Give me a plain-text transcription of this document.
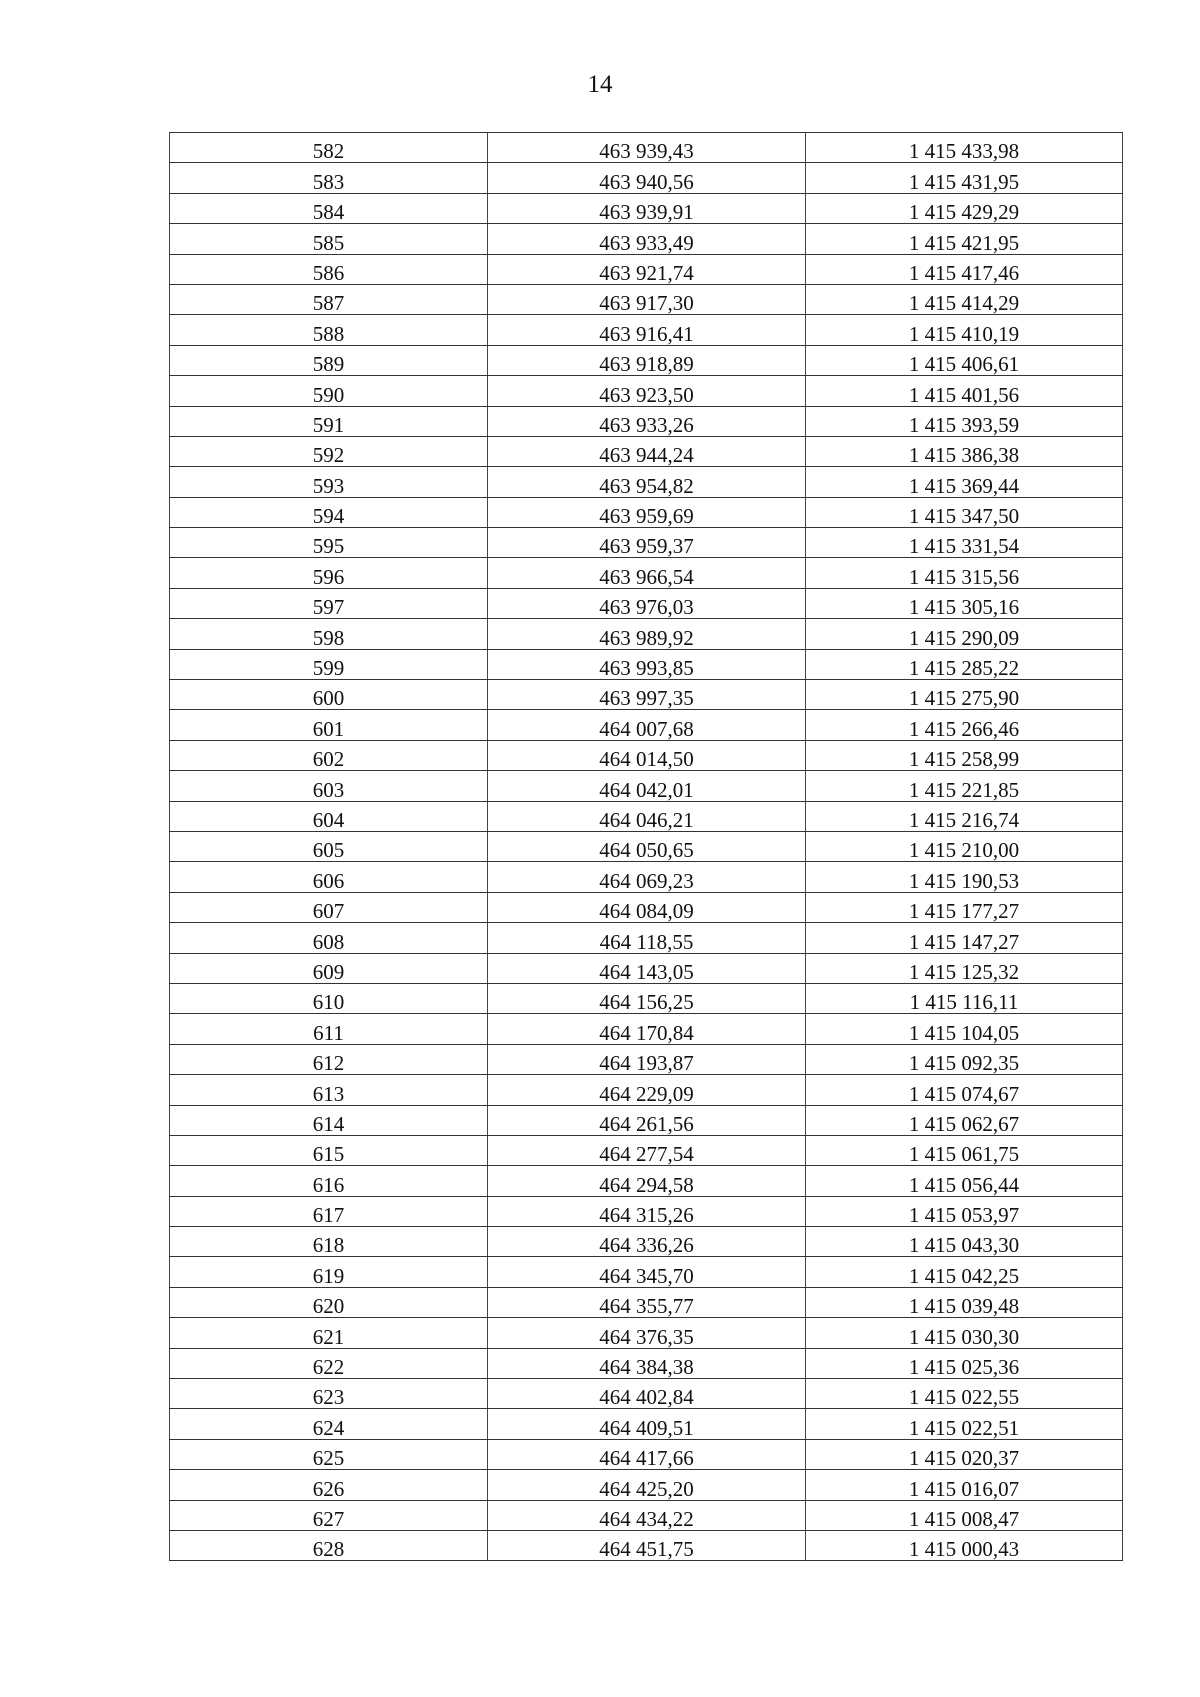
14
582	463 939,43	1 415 433,98
583	463 940,56	1 415 431,95
584	463 939,91	1 415 429,29
585	463 933,49	1 415 421,95
586	463 921,74	1 415 417,46
587	463 917,30	1 415 414,29
588	463 916,41	1 415 410,19
589	463 918,89	1 415 406,61
590	463 923,50	1 415 401,56
591	463 933,26	1 415 393,59
592	463 944,24	1 415 386,38
593	463 954,82	1 415 369,44
594	463 959,69	1 415 347,50
595	463 959,37	1 415 331,54
596	463 966,54	1 415 315,56
597	463 976,03	1 415 305,16
598	463 989,92	1 415 290,09
599	463 993,85	1 415 285,22
600	463 997,35	1 415 275,90
601	464 007,68	1 415 266,46
602	464 014,50	1 415 258,99
603	464 042,01	1 415 221,85
604	464 046,21	1 415 216,74
605	464 050,65	1 415 210,00
606	464 069,23	1 415 190,53
607	464 084,09	1 415 177,27
608	464 118,55	1 415 147,27
609	464 143,05	1 415 125,32
610	464 156,25	1 415 116,11
611	464 170,84	1 415 104,05
612	464 193,87	1 415 092,35
613	464 229,09	1 415 074,67
614	464 261,56	1 415 062,67
615	464 277,54	1 415 061,75
616	464 294,58	1 415 056,44
617	464 315,26	1 415 053,97
618	464 336,26	1 415 043,30
619	464 345,70	1 415 042,25
620	464 355,77	1 415 039,48
621	464 376,35	1 415 030,30
622	464 384,38	1 415 025,36
623	464 402,84	1 415 022,55
624	464 409,51	1 415 022,51
625	464 417,66	1 415 020,37
626	464 425,20	1 415 016,07
627	464 434,22	1 415 008,47
628	464 451,75	1 415 000,43
